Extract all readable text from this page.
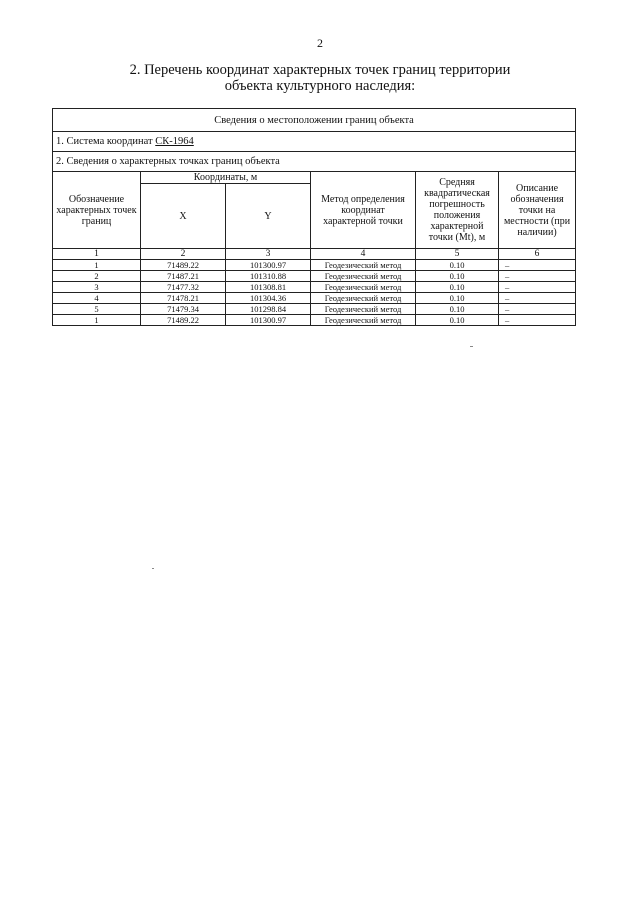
2
2. Перечень координат характерных точек границ территории
объекта культурного наследия:
Сведения о местоположении границ объекта					
1. Система координат СК-1964					
2. Сведения о характерных точках границ объекта					
Обозначение характерных точек границ	Координаты, м		Метод определения координат характерной точки	Средняя квадратическая погрешность положения характерной точки (Mt), м	Описание обозначения точки на местности (при наличии)
	X	Y			
1	2	3	4	5	6
1	71489.22	101300.97	Геодезический метод	0.10	–
2	71487.21	101310.88	Геодезический метод	0.10	–
3	71477.32	101308.81	Геодезический метод	0.10	–
4	71478.21	101304.36	Геодезический метод	0.10	–
5	71479.34	101298.84	Геодезический метод	0.10	–
1	71489.22	101300.97	Геодезический метод	0.10	–
